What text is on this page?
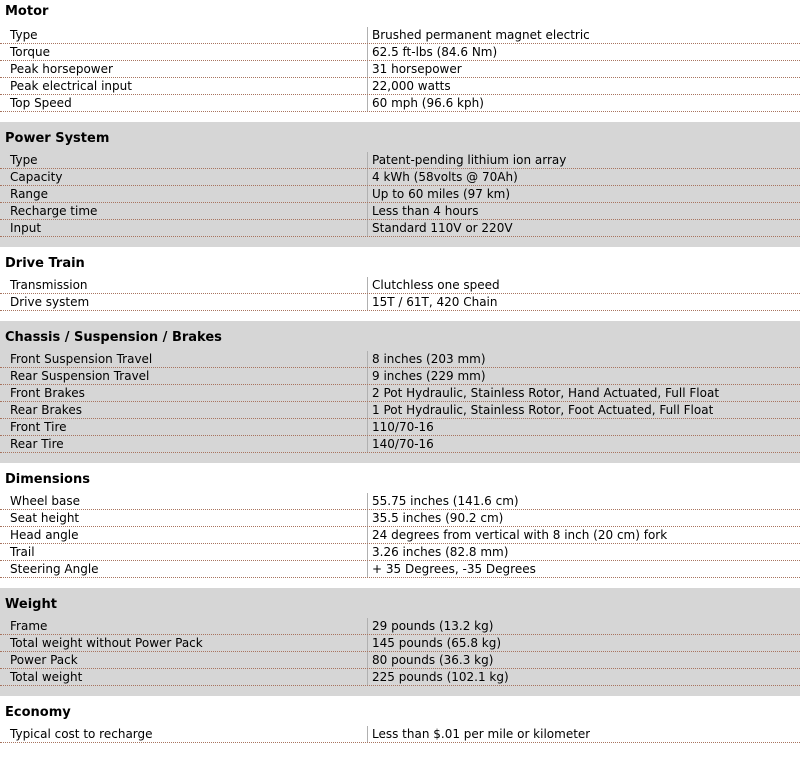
Motor
Type	Brushed permanent magnet electric
Torque	62.5 ft-lbs (84.6 Nm)
Peak horsepower	31 horsepower
Peak electrical input	22,000 watts
Top Speed	60 mph (96.6 kph)
Power System
Type	Patent-pending lithium ion array
Capacity	4 kWh (58volts @ 70Ah)
Range	Up to 60 miles (97 km)
Recharge time	Less than 4 hours
Input	Standard 110V or 220V
Drive Train
Transmission	Clutchless one speed
Drive system	15T / 61T, 420 Chain
Chassis / Suspension / Brakes
Front Suspension Travel	8 inches (203 mm)
Rear Suspension Travel	9 inches (229 mm)
Front Brakes	2 Pot Hydraulic, Stainless Rotor, Hand Actuated, Full Float
Rear Brakes	1 Pot Hydraulic, Stainless Rotor, Foot Actuated, Full Float
Front Tire	110/70-16
Rear Tire	140/70-16
Dimensions
Wheel base	55.75 inches (141.6 cm)
Seat height	35.5 inches (90.2 cm)
Head angle	24 degrees from vertical with 8 inch (20 cm) fork
Trail	3.26 inches (82.8 mm)
Steering Angle	+ 35 Degrees, -35 Degrees
Weight
Frame	29 pounds (13.2 kg)
Total weight without Power Pack	145 pounds (65.8 kg)
Power Pack	80 pounds (36.3 kg)
Total weight	225 pounds (102.1 kg)
Economy
Typical cost to recharge	Less than $.01 per mile or kilometer
